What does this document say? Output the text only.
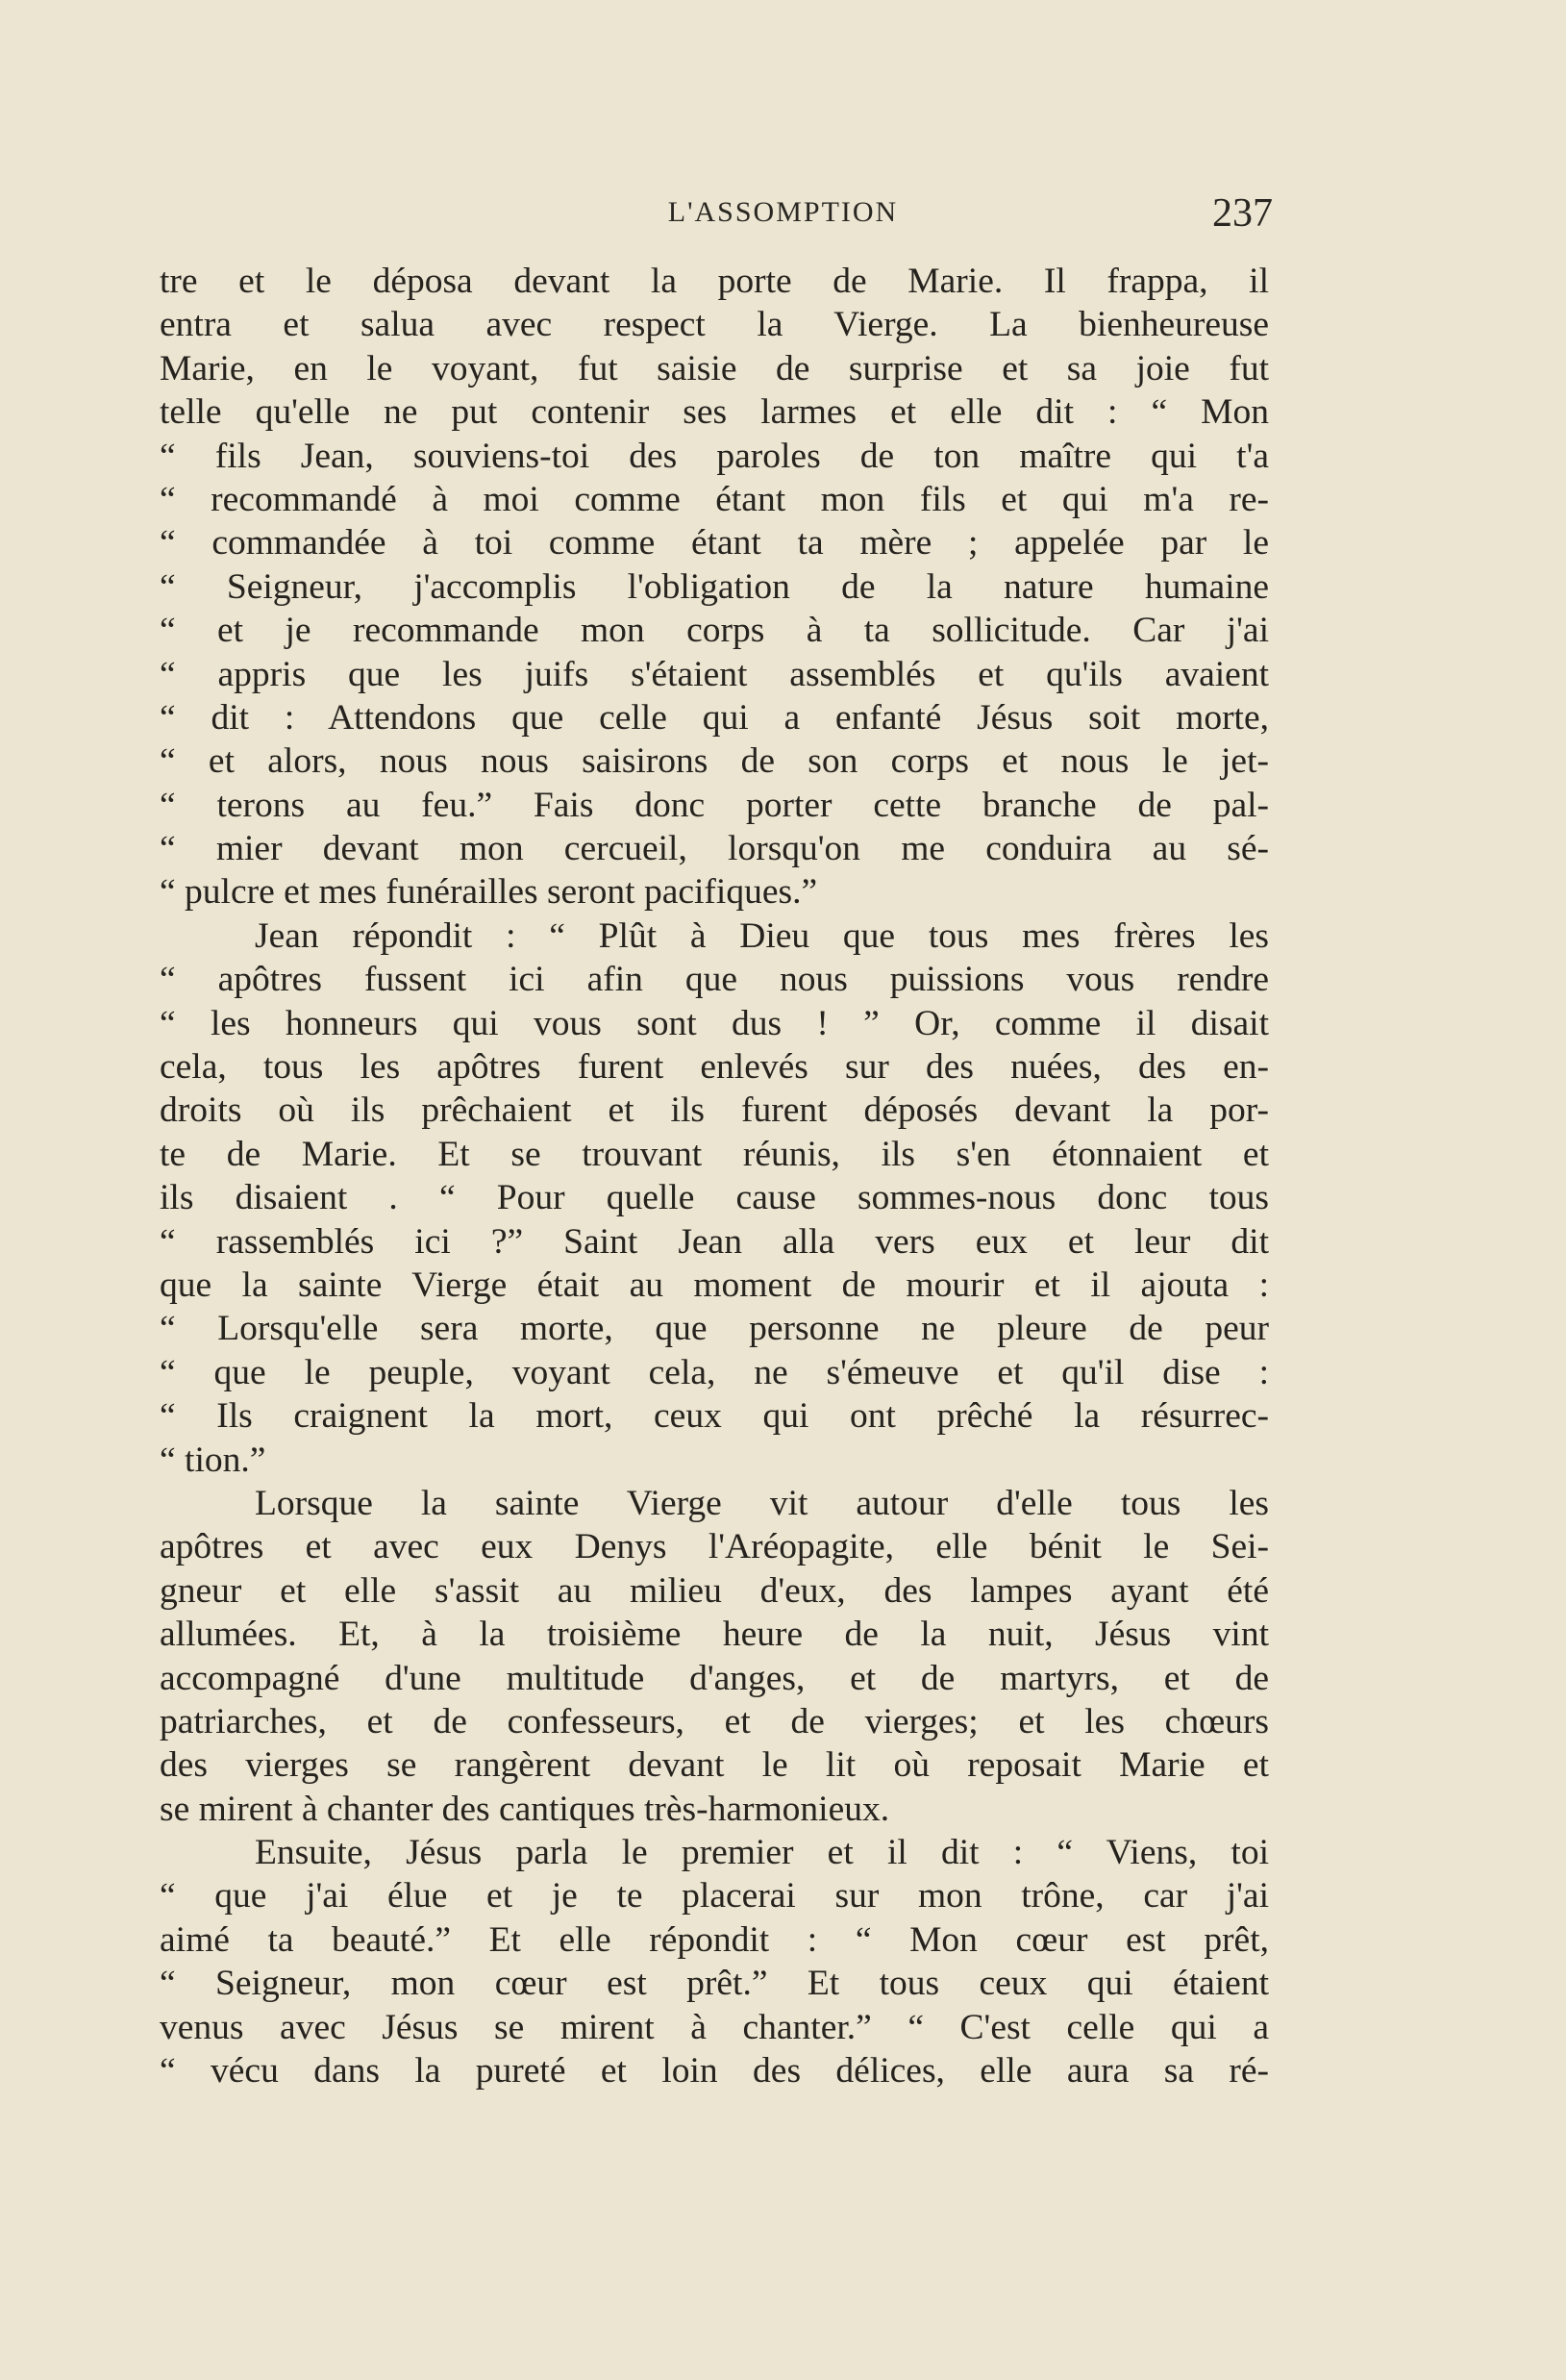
L'ASSOMPTION	237
tre et le déposa devant la porte de Marie. Il frappa, il
entra et salua avec respect la Vierge. La bienheureuse
Marie, en le voyant, fut saisie de surprise et sa joie fut
telle qu'elle ne put contenir ses larmes et elle dit : “ Mon
“ fils Jean, souviens-toi des paroles de ton maître qui t'a
“ recommandé à moi comme étant mon fils et qui m'a re-
“ commandée à toi comme étant ta mère ; appelée par le
“ Seigneur, j'accomplis l'obligation de la nature humaine
“ et je recommande mon corps à ta sollicitude. Car j'ai
“ appris que les juifs s'étaient assemblés et qu'ils avaient
“ dit : Attendons que celle qui a enfanté Jésus soit morte,
“ et alors, nous nous saisirons de son corps et nous le jet-
“ terons au feu.” Fais donc porter cette branche de pal-
“ mier devant mon cercueil, lorsqu'on me conduira au sé-
“ pulcre et mes funérailles seront pacifiques.”
Jean répondit : “ Plût à Dieu que tous mes frères les
“ apôtres fussent ici afin que nous puissions vous rendre
“ les honneurs qui vous sont dus ! ” Or, comme il disait
cela, tous les apôtres furent enlevés sur des nuées, des en-
droits où ils prêchaient et ils furent déposés devant la por-
te de Marie. Et se trouvant réunis, ils s'en étonnaient et
ils disaient . “ Pour quelle cause sommes-nous donc tous
“ rassemblés ici ?” Saint Jean alla vers eux et leur dit
que la sainte Vierge était au moment de mourir et il ajouta :
“ Lorsqu'elle sera morte, que personne ne pleure de peur
“ que le peuple, voyant cela, ne s'émeuve et qu'il dise :
“ Ils craignent la mort, ceux qui ont prêché la résurrec-
“ tion.”
Lorsque la sainte Vierge vit autour d'elle tous les
apôtres et avec eux Denys l'Aréopagite, elle bénit le Sei-
gneur et elle s'assit au milieu d'eux, des lampes ayant été
allumées. Et, à la troisième heure de la nuit, Jésus vint
accompagné d'une multitude d'anges, et de martyrs, et de
patriarches, et de confesseurs, et de vierges; et les chœurs
des vierges se rangèrent devant le lit où reposait Marie et
se mirent à chanter des cantiques très-harmonieux.
Ensuite, Jésus parla le premier et il dit : “ Viens, toi
“ que j'ai élue et je te placerai sur mon trône, car j'ai
aimé ta beauté.” Et elle répondit : “ Mon cœur est prêt,
“ Seigneur, mon cœur est prêt.” Et tous ceux qui étaient
venus avec Jésus se mirent à chanter.” “ C'est celle qui a
“ vécu dans la pureté et loin des délices, elle aura sa ré-
